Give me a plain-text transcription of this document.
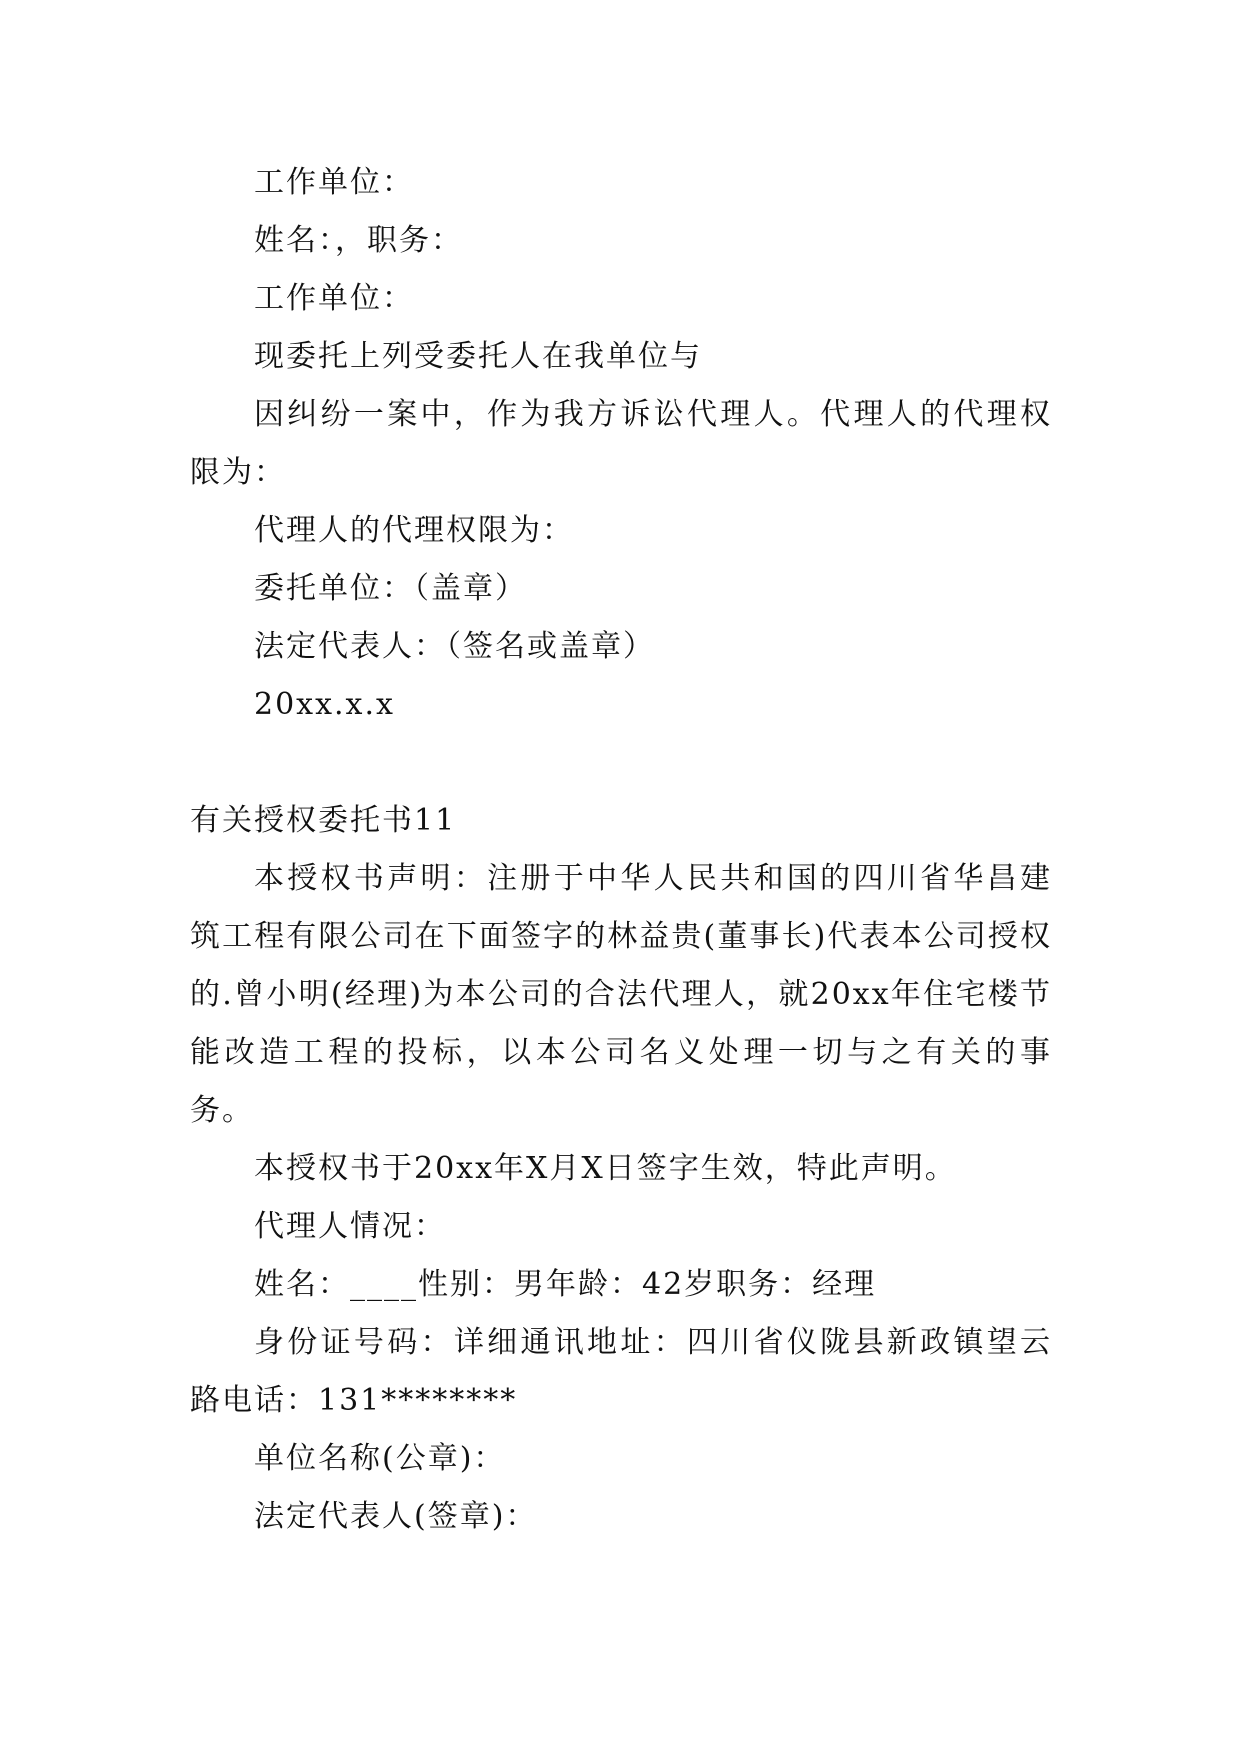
工作单位：

姓名：，职务：

工作单位：

现委托上列受委托人在我单位与

因纠纷一案中，作为我方诉讼代理人。代理人的代理权限为：

代理人的代理权限为：

委托单位：（盖章）

法定代表人：（签名或盖章）

20xx.x.x

有关授权委托书11

本授权书声明：注册于中华人民共和国的四川省华昌建筑工程有限公司在下面签字的林益贵(董事长)代表本公司授权的.曾小明(经理)为本公司的合法代理人，就20xx年住宅楼节能改造工程的投标，以本公司名义处理一切与之有关的事务。

本授权书于20xx年X月X日签字生效，特此声明。

代理人情况：

姓名：____性别：男年龄：42岁职务：经理

身份证号码：详细通讯地址：四川省仪陇县新政镇望云路电话：131********

单位名称(公章)：

法定代表人(签章)：
